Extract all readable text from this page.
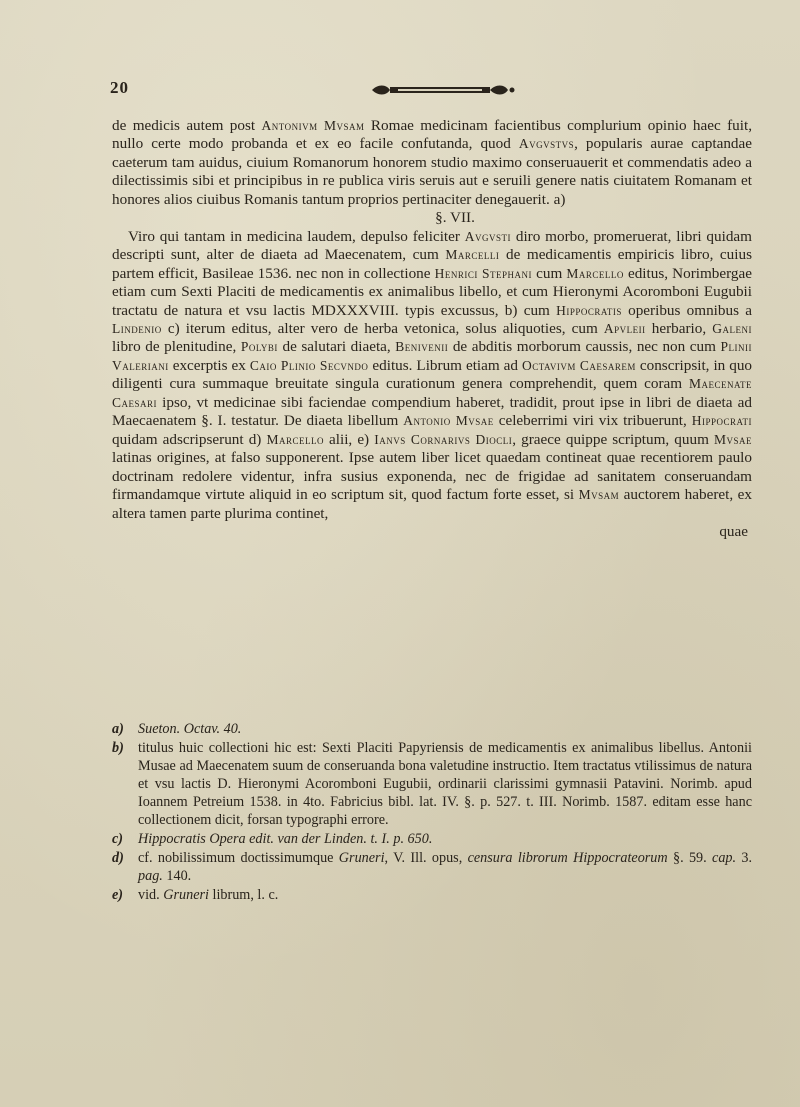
20

de medicis autem post Antonivm Mvsam Romae medicinam facientibus complurium opinio haec fuit, nullo certe modo probanda et ex eo facile confutanda, quod Avgvstvs, popularis aurae captandae caeterum tam auidus, ciuium Romanorum honorem studio maximo conseruauerit et commendatis adeo a dilectissimis sibi et principibus in re publica viris seruis aut e seruili genere natis ciuitatem Romanam et honores alios ciuibus Romanis tantum proprios pertinaciter denegauerit. a)

§. VII.

Viro qui tantam in medicina laudem, depulso feliciter Avgvsti diro morbo, promeruerat, libri quidam descripti sunt, alter de diaeta ad Maecenatem, cum Marcelli de medicamentis empiricis libro, cuius partem efficit, Basileae 1536. nec non in collectione Henrici Stephani cum Marcello editus, Norimbergae etiam cum Sexti Placiti de medicamentis ex animalibus libello, et cum Hieronymi Acoromboni Eugubii tractatu de natura et vsu lactis MDXXXVIII. typis excussus, b) cum Hippocratis operibus omnibus a Lindenio c) iterum editus, alter vero de herba vetonica, solus aliquoties, cum Apvleii herbario, Galeni libro de plenitudine, Polybi de salutari diaeta, Benivenii de abditis morborum caussis, nec non cum Plinii Valeriani excerptis ex Caio Plinio Secvndo editus. Librum etiam ad Octavivm Caesarem conscripsit, in quo diligenti cura summaque breuitate singula curationum genera comprehendit, quem coram Maecenate Caesari ipso, vt medicinae sibi faciendae compendium haberet, tradidit, prout ipse in libri de diaeta ad Maecaenatem §. I. testatur. De diaeta libellum Antonio Mvsae celeberrimi viri vix tribuerunt, Hippocrati quidam adscripserunt d) Marcello alii, e) Ianvs Cornarivs Diocli, graece quippe scriptum, quum Mvsae latinas origines, at falso supponerent. Ipse autem liber licet quaedam contineat quae recentiorem paulo doctrinam redolere videntur, infra susius exponenda, nec de frigidae ad sanitatem conseruandam firmandamque virtute aliquid in eo scriptum sit, quod factum forte esset, si Mvsam auctorem haberet, ex altera tamen parte plurima continet,

quae

a) Sueton. Octav. 40.
b) titulus huic collectioni hic est: Sexti Placiti Papyriensis de medicamentis ex animalibus libellus. Antonii Musae ad Maecenatem suum de conseruanda bona valetudine instructio. Item tractatus vtilissimus de natura et vsu lactis D. Hieronymi Acoromboni Eugubii, ordinarii clarissimi gymnasii Patavini. Norimb. apud Ioannem Petreium 1538. in 4to. Fabricius bibl. lat. IV. §. p. 527. t. III. Norimb. 1587. editam esse hanc collectionem dicit, forsan typographi errore.
c) Hippocratis Opera edit. van der Linden. t. I. p. 650.
d) cf. nobilissimum doctissimumque Gruneri, V. Ill. opus, censura librorum Hippocrateorum §. 59. cap. 3. pag. 140.
e) vid. Gruneri librum, l. c.
